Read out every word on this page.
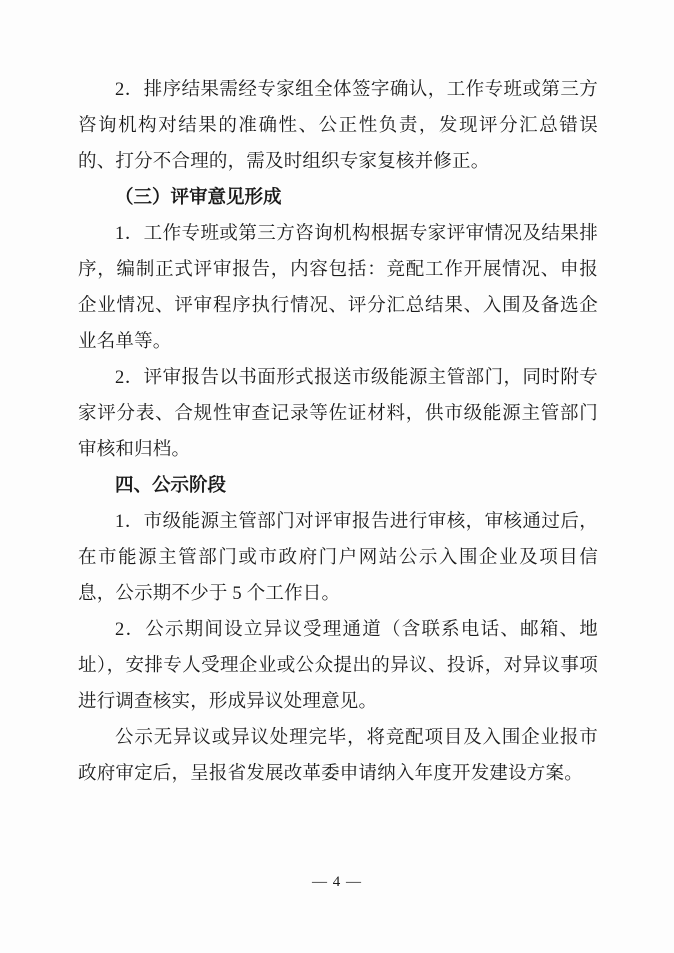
2．排序结果需经专家组全体签字确认，工作专班或第三方咨询机构对结果的准确性、公正性负责，发现评分汇总错误的、打分不合理的，需及时组织专家复核并修正。

（三）评审意见形成

1．工作专班或第三方咨询机构根据专家评审情况及结果排序，编制正式评审报告，内容包括：竞配工作开展情况、申报企业情况、评审程序执行情况、评分汇总结果、入围及备选企业名单等。

2．评审报告以书面形式报送市级能源主管部门，同时附专家评分表、合规性审查记录等佐证材料，供市级能源主管部门审核和归档。

四、公示阶段

1．市级能源主管部门对评审报告进行审核，审核通过后，在市能源主管部门或市政府门户网站公示入围企业及项目信息，公示期不少于 5 个工作日。

2．公示期间设立异议受理通道（含联系电话、邮箱、地址），安排专人受理企业或公众提出的异议、投诉，对异议事项进行调查核实，形成异议处理意见。

公示无异议或异议处理完毕，将竞配项目及入围企业报市政府审定后，呈报省发展改革委申请纳入年度开发建设方案。

— 4 —
